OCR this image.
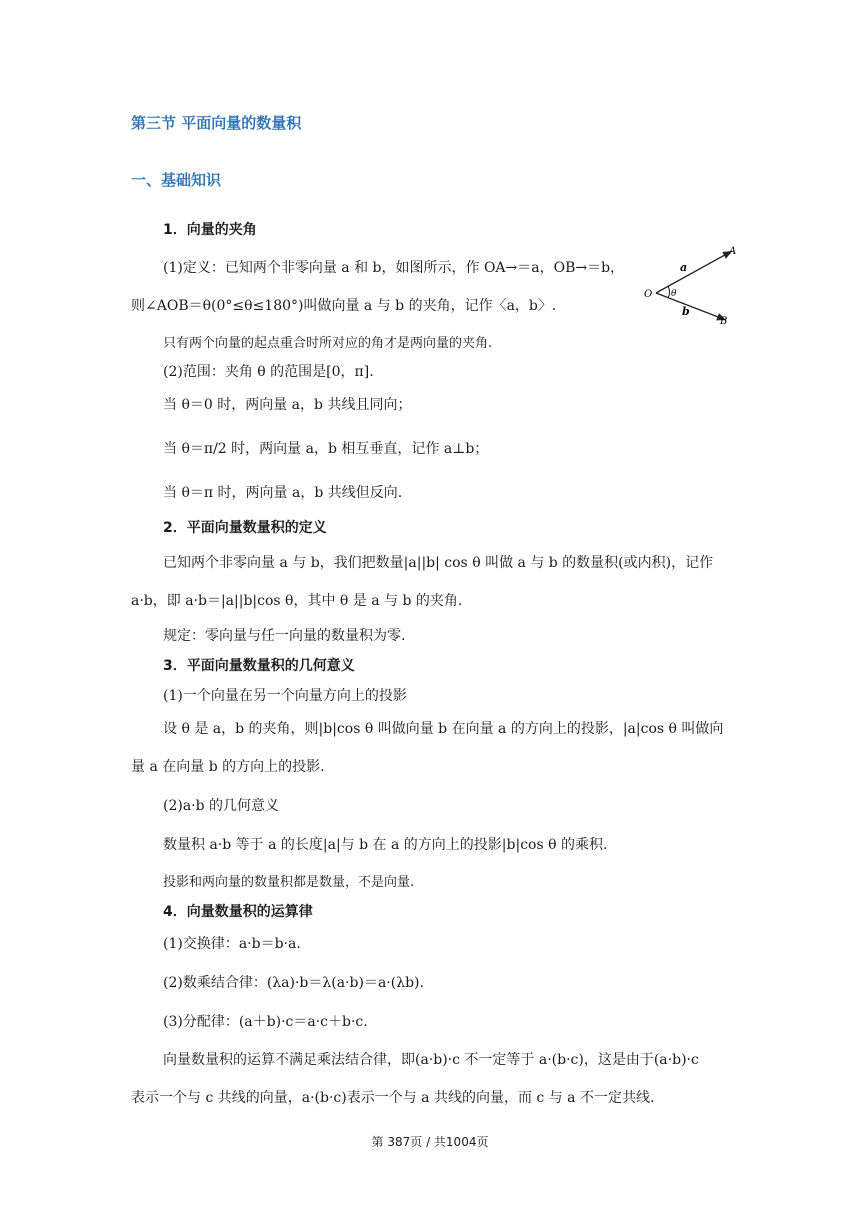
第三节 平面向量的数量积
一、基础知识
1．向量的夹角
(1)定义：已知两个非零向量 a 和 b，如图所示，作 OA→＝a，OB→＝b，
则∠AOB＝θ(0°≤θ≤180°)叫做向量 a 与 b 的夹角，记作〈a，b〉.
只有两个向量的起点重合时所对应的角才是两向量的夹角.
(2)范围：夹角 θ 的范围是[0，π].
当 θ＝0 时，两向量 a，b 共线且同向；
当 θ＝π/2 时，两向量 a，b 相互垂直，记作 a⊥b；
当 θ＝π 时，两向量 a，b 共线但反向.
A
B
O
a
b
θ
2．平面向量数量积的定义
已知两个非零向量 a 与 b，我们把数量|a||b| cos θ 叫做 a 与 b 的数量积(或内积)，记作
a·b，即 a·b＝|a||b|cos θ，其中 θ 是 a 与 b 的夹角.
规定：零向量与任一向量的数量积为零.
3．平面向量数量积的几何意义
(1)一个向量在另一个向量方向上的投影
设 θ 是 a，b 的夹角，则|b|cos θ 叫做向量 b 在向量 a 的方向上的投影，|a|cos θ 叫做向
量 a 在向量 b 的方向上的投影.
(2)a·b 的几何意义
数量积 a·b 等于 a 的长度|a|与 b 在 a 的方向上的投影|b|cos θ 的乘积.
投影和两向量的数量积都是数量，不是向量.
4．向量数量积的运算律
(1)交换律：a·b＝b·a.
(2)数乘结合律：(λa)·b＝λ(a·b)＝a·(λb).
(3)分配律：(a＋b)·c＝a·c＋b·c.
向量数量积的运算不满足乘法结合律，即(a·b)·c 不一定等于 a·(b·c)，这是由于(a·b)·c
表示一个与 c 共线的向量，a·(b·c)表示一个与 a 共线的向量，而 c 与 a 不一定共线.
第 387页 / 共1004页
